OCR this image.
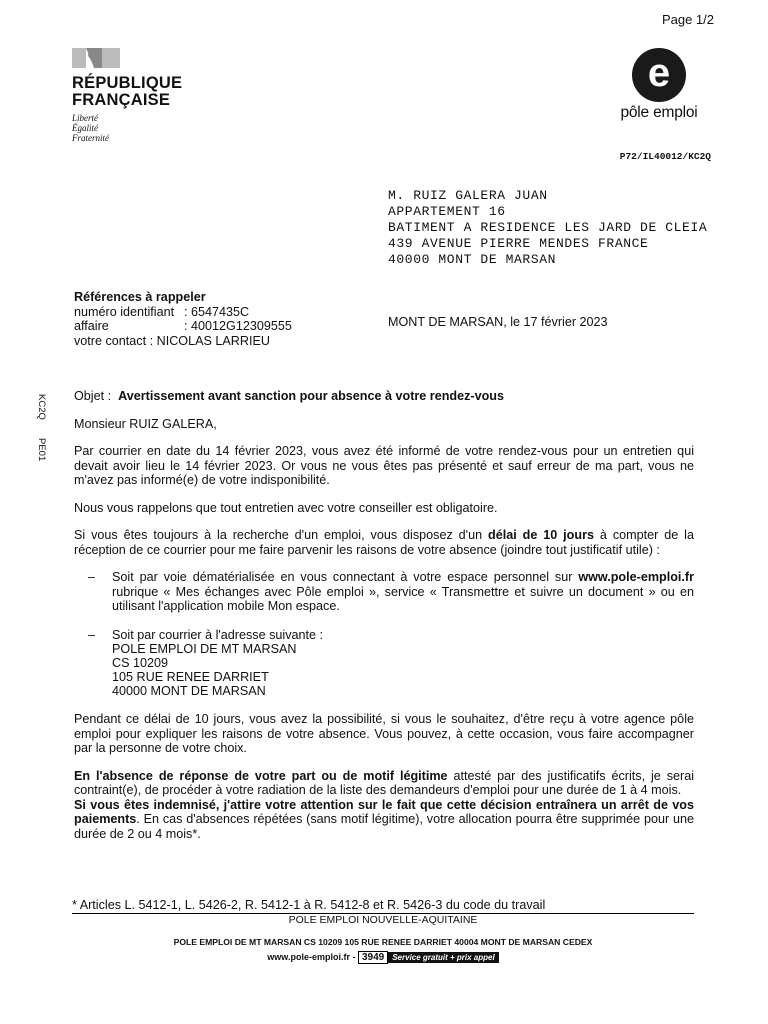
Page 1/2
RÉPUBLIQUE
FRANÇAISE
Liberté
Égalité
Fraternité
e
pôle emploi
P72/IL40012/KC2Q
M. RUIZ GALERA JUAN
APPARTEMENT 16
BATIMENT A RESIDENCE LES JARD DE CLEIA
439 AVENUE PIERRE MENDES FRANCE
40000 MONT DE MARSAN
Références à rappeler
numéro identifiant : 6547435C
affaire	: 40012G12309555
votre contact : NICOLAS LARRIEU
MONT DE MARSAN, le 17 février 2023
KC2Q
PE01
Objet : Avertissement avant sanction pour absence à votre rendez-vous

Monsieur RUIZ GALERA,

Par courrier en date du 14 février 2023, vous avez été informé de votre rendez-vous pour un entretien qui devait avoir lieu le 14 février 2023. Or vous ne vous êtes pas présenté et sauf erreur de ma part, vous ne m'avez pas informé(e) de votre indisponibilité.

Nous vous rappelons que tout entretien avec votre conseiller est obligatoire.

Si vous êtes toujours à la recherche d'un emploi, vous disposez d'un délai de 10 jours à compter de la réception de ce courrier pour me faire parvenir les raisons de votre absence (joindre tout justificatif utile) :

– Soit par voie dématérialisée en vous connectant à votre espace personnel sur www.pole-emploi.fr rubrique « Mes échanges avec Pôle emploi », service « Transmettre et suivre un document » ou en utilisant l'application mobile Mon espace.
– Soit par courrier à l'adresse suivante :
POLE EMPLOI DE MT MARSAN
CS 10209
105 RUE RENEE DARRIET
40000 MONT DE MARSAN

Pendant ce délai de 10 jours, vous avez la possibilité, si vous le souhaitez, d'être reçu à votre agence pôle emploi pour expliquer les raisons de votre absence. Vous pouvez, à cette occasion, vous faire accompagner par la personne de votre choix.

En l'absence de réponse de votre part ou de motif légitime attesté par des justificatifs écrits, je serai contraint(e), de procéder à votre radiation de la liste des demandeurs d'emploi pour une durée de 1 à 4 mois.

Si vous êtes indemnisé, j'attire votre attention sur le fait que cette décision entraînera un arrêt de vos paiements. En cas d'absences répétées (sans motif légitime), votre allocation pourra être supprimée pour une durée de 2 ou 4 mois*.

* Articles L. 5412-1, L. 5426-2, R. 5412-1 à R. 5412-8 et R. 5426-3 du code du travail
POLE EMPLOI NOUVELLE-AQUITAINE
POLE EMPLOI DE MT MARSAN CS 10209 105 RUE RENEE DARRIET 40004 MONT DE MARSAN CEDEX
www.pole-emploi.fr - 3949 Service gratuit + prix appel
